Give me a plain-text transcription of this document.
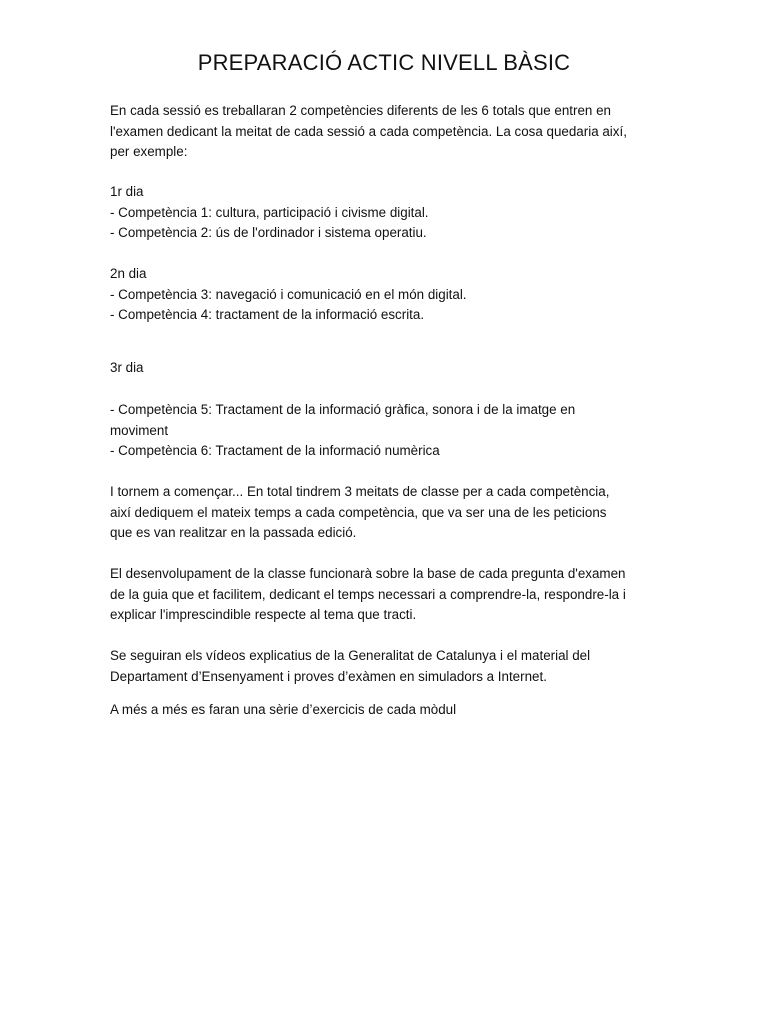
PREPARACIÓ ACTIC NIVELL BÀSIC

En cada sessió es treballaran 2 competències diferents de les 6 totals que entren en
l'examen dedicant la meitat de cada sessió a cada competència. La cosa quedaria així,
per exemple:

1r dia
- Competència 1: cultura, participació i civisme digital.
- Competència 2: ús de l'ordinador i sistema operatiu.

2n dia
- Competència 3: navegació i comunicació en el món digital.
- Competència 4: tractament de la informació escrita.

3r dia

- Competència 5: Tractament de la informació gràfica, sonora i de la imatge en
moviment
- Competència 6: Tractament de la informació numèrica

I tornem a començar... En total tindrem 3 meitats de classe per a cada competència,
així dediquem el mateix temps a cada competència, que va ser una de les peticions
que es van realitzar en la passada edició.

El desenvolupament de la classe funcionarà sobre la base de cada pregunta d'examen
de la guia que et facilitem, dedicant el temps necessari a comprendre-la, respondre-la i
explicar l'imprescindible respecte al tema que tracti.

Se seguiran els vídeos explicatius de la Generalitat de Catalunya i el material del
Departament d’Ensenyament i proves d’exàmen en simuladors a Internet.

A més a més es faran una sèrie d’exercicis de cada mòdul
